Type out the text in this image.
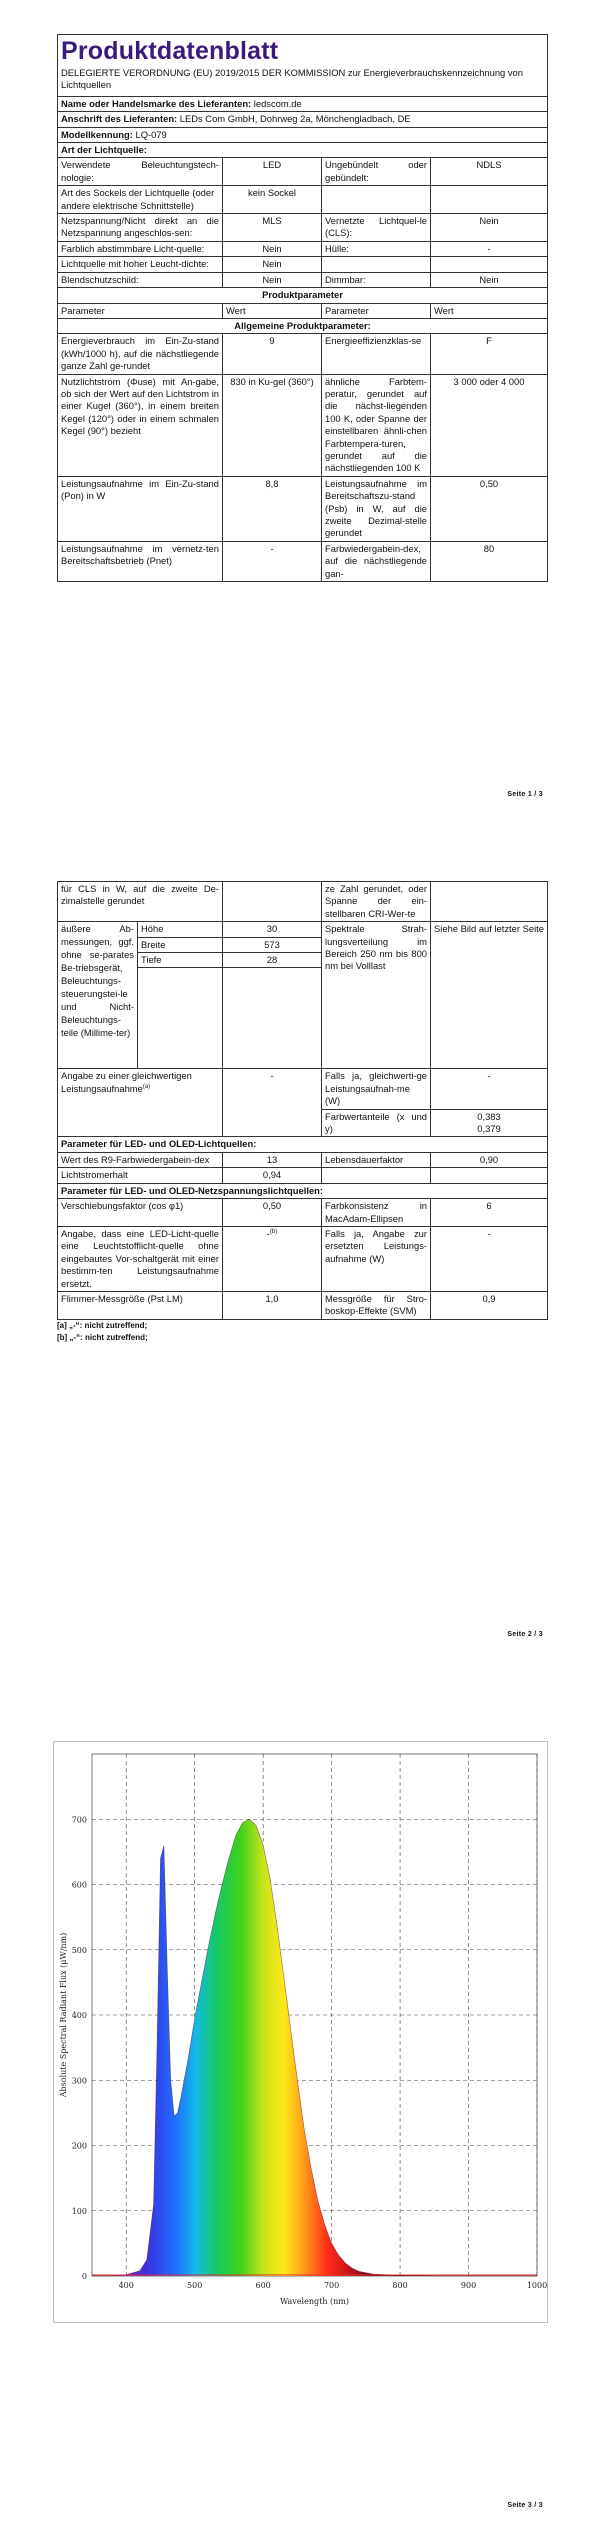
Produktdatenblatt
DELEGIERTE VERORDNUNG (EU) 2019/2015 DER KOMMISSION zur Energieverbrauchskennzeichnung von Lichtquellen			

Name oder Handelsmarke des Lieferanten: ledscom.de			
Anschrift des Lieferanten: LEDs Com GmbH, Dohrweg 2a, Mönchengladbach, DE			
Modellkennung: LQ-079			
Art der Lichtquelle:			
Verwendete Beleuchtungstech-nologie:	LED	Ungebündelt oder gebündelt:	NDLS
Art des Sockels der Lichtquelle (oder andere elektrische Schnittstelle)	kein Sockel		
Netzspannung/Nicht direkt an die Netzspannung angeschlos-sen:	MLS	Vernetzte Lichtquel-le (CLS):	Nein
Farblich abstimmbare Licht-quelle:	Nein	Hülle:	-
Lichtquelle mit hoher Leucht-dichte:	Nein		
Blendschutzschild:	Nein	Dimmbar:	Nein
Produktparameter			
Parameter	Wert	Parameter	Wert
Allgemeine Produktparameter:			
Energieverbrauch im Ein-Zu-stand (kWh/1000 h), auf die nächstliegende ganze Zahl ge-rundet	9	Energieeffizienzklas-se	F
Nutzlichtstrom (Φuse) mit An-gabe, ob sich der Wert auf den Lichtstrom in einer Kugel (360°), in einem breiten Kegel (120°) oder in einem schmalen Kegel (90°) bezieht	830 in Ku-gel (360°)	ähnliche Farbtem-peratur, gerundet auf die nächst-liegenden 100 K, oder Spanne der einstellbaren ähnli-chen Farbtempera-turen, gerundet auf die nächstliegenden 100 K	3 000 oder 4 000
Leistungsaufnahme im Ein-Zu-stand (Pon) in W	8,8	Leistungsaufnahme im Bereitschaftszu-stand (Psb) in W, auf die zweite Dezimal-stelle gerundet	0,50
Leistungsaufnahme im vernetz-ten Bereitschaftsbetrieb (Pnet)	-	Farbwiedergabein-dex, auf die nächstliegende gan-	80
Seite 1 / 3
für CLS in W, auf die zweite De-zimalstelle gerundet			ze Zahl gerundet, oder Spanne der ein-stellbaren CRI-Wer-te	
äußere Ab-messungen, ggf. ohne se-parates Be-triebsgerät, Beleuchtungs-steuerungstei-le und Nicht-Beleuchtungs-teile (Millime-ter)	Höhe	30	Spektrale Strah-lungsverteilung im Bereich 250 nm bis 800 nm bei Volllast	Siehe Bild auf letzter Seite
	Breite	573		
	Tiefe	28		

Angabe zu einer gleichwertigen Leistungsaufnahme$^{(a)}$		-	Falls ja, gleichwerti-ge Leistungsaufnah-me (W)	-
			Farbwertanteile (x und y)	0,383
0,379

Parameter für LED- und OLED-Lichtquellen:				
Wert des R9-Farbwiedergabein-dex		13	Lebensdauerfaktor	0,90
Lichtstromerhalt		0,94		
Parameter für LED- und OLED-Netzspannungslichtquellen:				
Verschiebungsfaktor (cos φ1)		0,50	Farbkonsistenz in MacAdam-Ellipsen	6
Angabe, dass eine LED-Licht-quelle eine Leuchtstofflicht-quelle ohne eingebautes Vor-schaltgerät mit einer bestimm-ten Leistungsaufnahme ersetzt.		-$^{(b)}$	Falls ja, Angabe zur ersetzten Leistungs-aufnahme (W)	-
Flimmer-Messgröße (Pst LM)		1,0	Messgröße für Stro-boskop-Effekte (SVM)	0,9
[a] „-“: nicht zutreffend;
[b] „-“: nicht zutreffend;
Seite 2 / 3
0
100
200
300
400
500
600
700
400	500	600	700	800	900	1000
Wavelength (nm)
Absolute Spectral Radiant Flux (μW/nm)
Seite 3 / 3
